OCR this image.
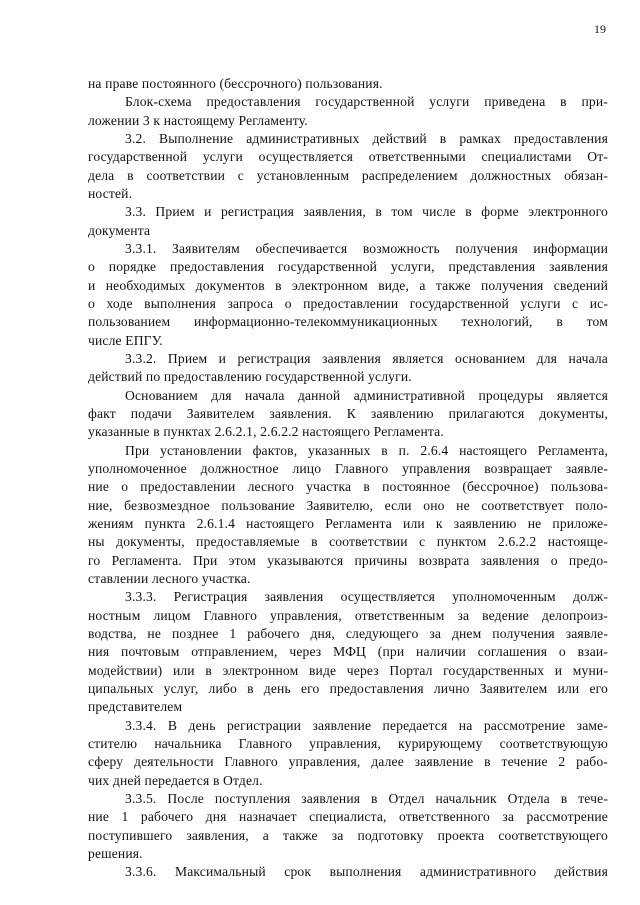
19
на праве постоянного (бессрочного) пользования.
Блок-схема предоставления государственной услуги приведена в при-
ложении 3 к настоящему Регламенту.
3.2. Выполнение административных действий в рамках предоставления
государственной услуги осуществляется ответственными специалистами От-
дела в соответствии с установленным распределением должностных обязан-
ностей.
3.3. Прием и регистрация заявления, в том числе в форме электронного
документа
3.3.1. Заявителям обеспечивается возможность получения информации
о порядке предоставления государственной услуги, представления заявления
и необходимых документов в электронном виде, а также получения сведений
о ходе выполнения запроса о предоставлении государственной услуги с ис-
пользованием информационно-телекоммуникационных технологий, в том
числе ЕПГУ.
3.3.2. Прием и регистрация заявления является основанием для начала
действий по предоставлению государственной услуги.
Основанием для начала данной административной процедуры является
факт подачи Заявителем заявления. К заявлению прилагаются документы,
указанные в пунктах 2.6.2.1, 2.6.2.2 настоящего Регламента.
При установлении фактов, указанных в п. 2.6.4 настоящего Регламента,
уполномоченное должностное лицо Главного управления возвращает заявле-
ние о предоставлении лесного участка в постоянное (бессрочное) пользова-
ние, безвозмездное пользование Заявителю, если оно не соответствует поло-
жениям пункта 2.6.1.4 настоящего Регламента или к заявлению не приложе-
ны документы, предоставляемые в соответствии с пунктом 2.6.2.2 настояще-
го Регламента. При этом указываются причины возврата заявления о предо-
ставлении лесного участка.
3.3.3. Регистрация заявления осуществляется уполномоченным долж-
ностным лицом Главного управления, ответственным за ведение делопроиз-
водства, не позднее 1 рабочего дня, следующего за днем получения заявле-
ния почтовым отправлением, через МФЦ (при наличии соглашения о взаи-
модействии) или в электронном виде через Портал государственных и муни-
ципальных услуг, либо в день его предоставления лично Заявителем или его
представителем
3.3.4. В день регистрации заявление передается на рассмотрение заме-
стителю начальника Главного управления, курирующему соответствующую
сферу деятельности Главного управления, далее заявление в течение 2 рабо-
чих дней передается в Отдел.
3.3.5. После поступления заявления в Отдел начальник Отдела в тече-
ние 1 рабочего дня назначает специалиста, ответственного за рассмотрение
поступившего заявления, а также за подготовку проекта соответствующего
решения.
3.3.6. Максимальный срок выполнения административного действия
